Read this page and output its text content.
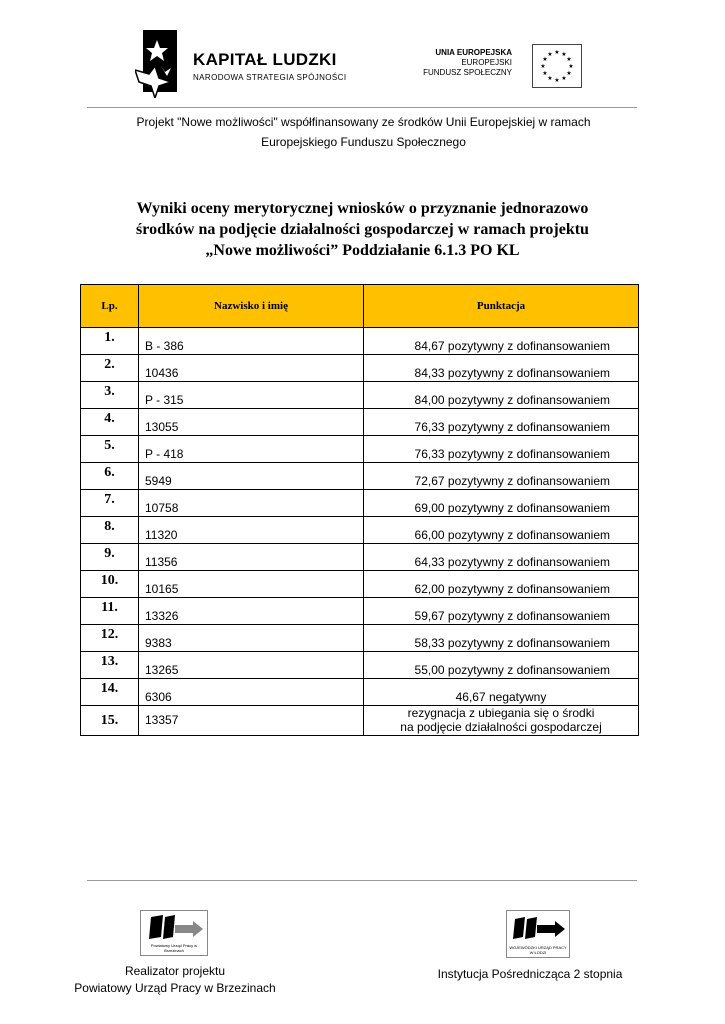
KAPITAŁ LUDZKI
NARODOWA STRATEGIA SPÓJNOŚCI
UNIA EUROPEJSKA
EUROPEJSKI
FUNDUSZ SPOŁECZNY
★ ★
★
★
★
★
★
★
★
★
★
★
Projekt "Nowe możliwości" współfinansowany ze środków Unii Europejskiej w ramach
Europejskiego Funduszu Społecznego
Wyniki oceny merytorycznej wniosków o przyznanie jednorazowo
środków na podjęcie działalności gospodarczej w ramach projektu
„Nowe możliwości” Poddziałanie 6.1.3 PO KL
Lp.	Nazwisko i imię	Punktacja
1.	B - 386	84,67 pozytywny z dofinansowaniem
2.	10436	84,33 pozytywny z dofinansowaniem
3.	P - 315	84,00 pozytywny z dofinansowaniem
4.	13055	76,33 pozytywny z dofinansowaniem
5.	P - 418	76,33 pozytywny z dofinansowaniem
6.	5949	72,67 pozytywny z dofinansowaniem
7.	10758	69,00 pozytywny z dofinansowaniem
8.	11320	66,00 pozytywny z dofinansowaniem
9.	11356	64,33 pozytywny z dofinansowaniem
10.	10165	62,00 pozytywny z dofinansowaniem
11.	13326	59,67 pozytywny z dofinansowaniem
12.	9383	58,33 pozytywny z dofinansowaniem
13.	13265	55,00 pozytywny z dofinansowaniem
14.	6306	46,67 negatywny
15.	13357	rezygnacja z ubiegania się o środki
na podjęcie działalności gospodarczej
Powiatowy Urząd Pracy w Brzezinach
WOJEWÓDZKI URZĄD PRACY W ŁODZI
Realizator projektu
Powiatowy Urząd Pracy w Brzezinach
Instytucja Pośrednicząca 2 stopnia
